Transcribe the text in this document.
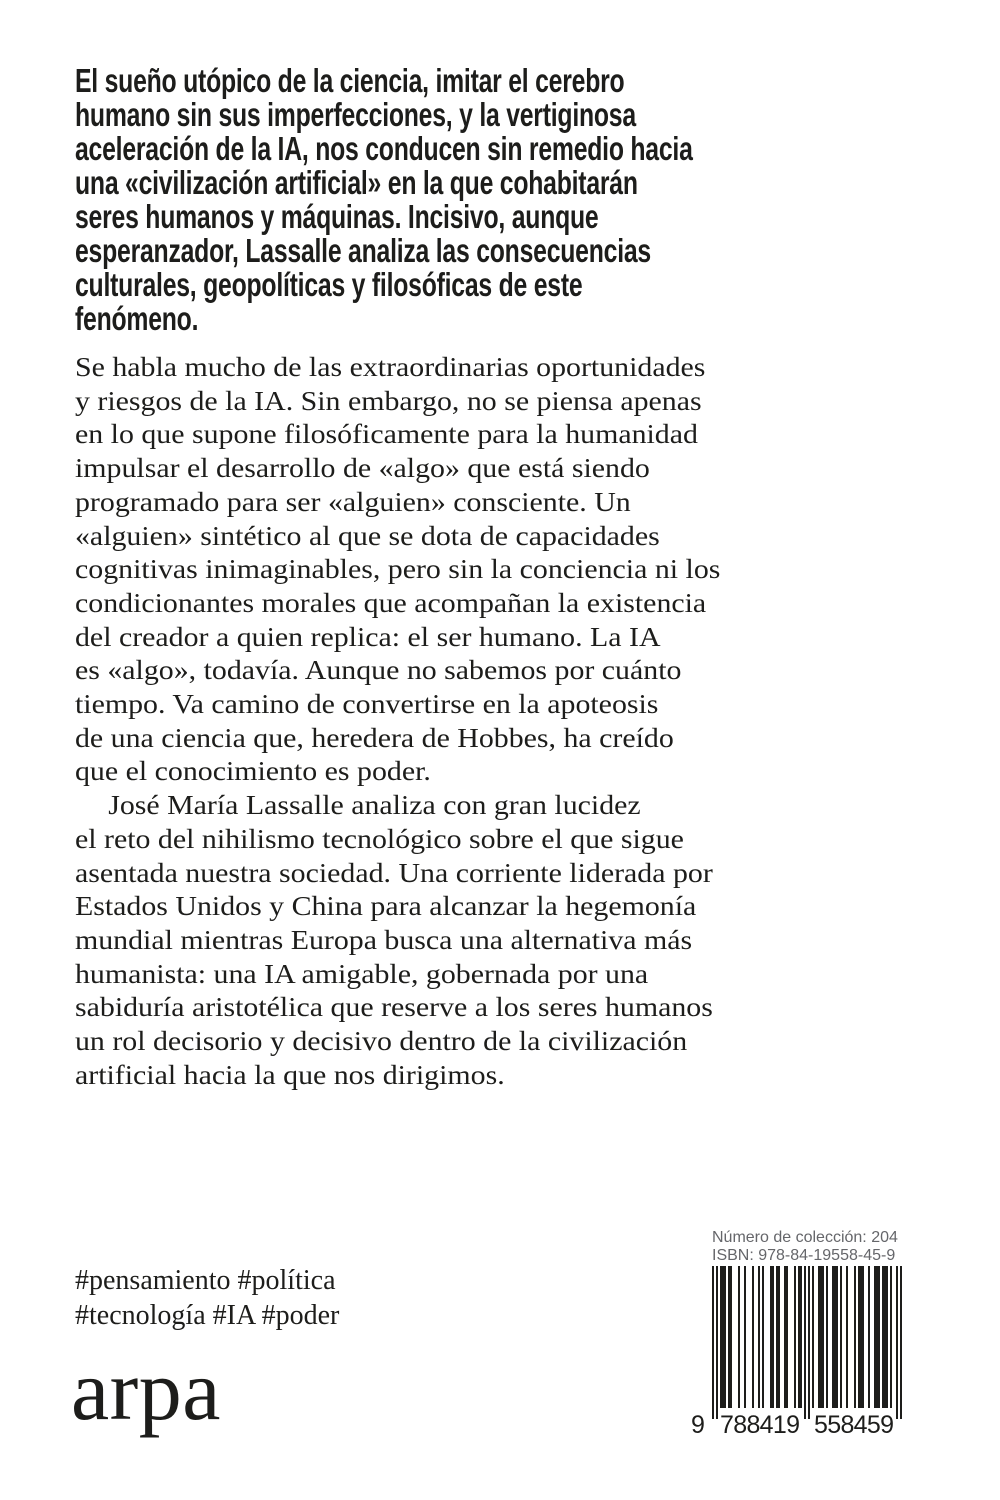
El sueño utópico de la ciencia, imitar el cerebro
humano sin sus imperfecciones, y la vertiginosa
aceleración de la IA, nos conducen sin remedio hacia
una «civilización artificial» en la que cohabitarán
seres humanos y máquinas. Incisivo, aunque
esperanzador, Lassalle analiza las consecuencias
culturales, geopolíticas y filosóficas de este
fenómeno.
Se habla mucho de las extraordinarias oportunidades
y riesgos de la IA. Sin embargo, no se piensa apenas
en lo que supone filosóficamente para la humanidad
impulsar el desarrollo de «algo» que está siendo
programado para ser «alguien» consciente. Un
«alguien» sintético al que se dota de capacidades
cognitivas inimaginables, pero sin la conciencia ni los
condicionantes morales que acompañan la existencia
del creador a quien replica: el ser humano. La IA
es «algo», todavía. Aunque no sabemos por cuánto
tiempo. Va camino de convertirse en la apoteosis
de una ciencia que, heredera de Hobbes, ha creído
que el conocimiento es poder.
José María Lassalle analiza con gran lucidez
el reto del nihilismo tecnológico sobre el que sigue
asentada nuestra sociedad. Una corriente liderada por
Estados Unidos y China para alcanzar la hegemonía
mundial mientras Europa busca una alternativa más
humanista: una IA amigable, gobernada por una
sabiduría aristotélica que reserve a los seres humanos
un rol decisorio y decisivo dentro de la civilización
artificial hacia la que nos dirigimos.
#pensamiento #política
#tecnología #IA #poder
arpa
Número de colección: 204
ISBN: 978-84-19558-45-9
9 788419 558459
